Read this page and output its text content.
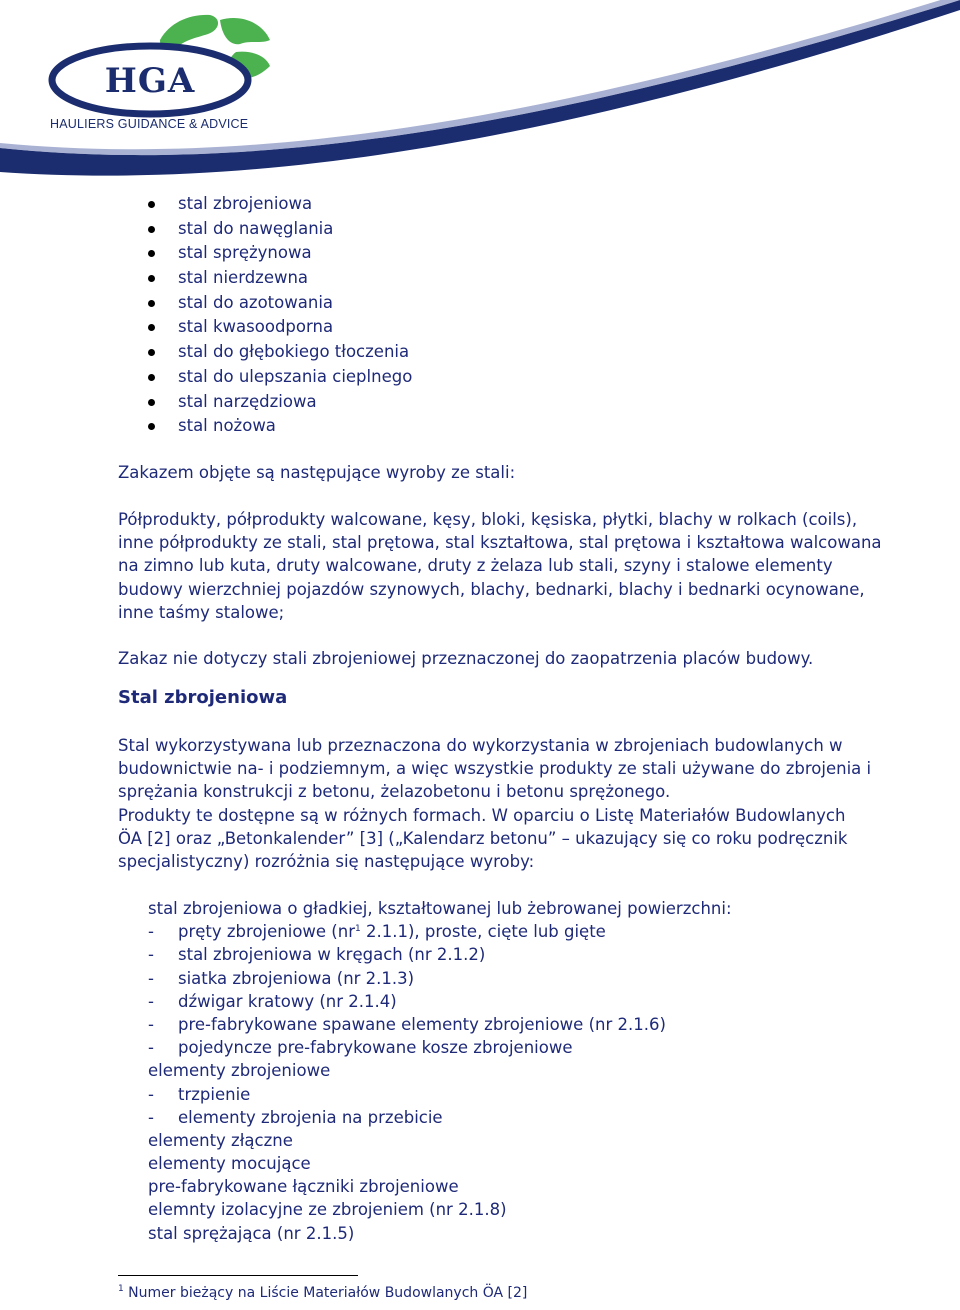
HGA
HAULIERS GUIDANCE & ADVICE
stal zbrojeniowa
stal do nawęglania
stal sprężynowa
stal nierdzewna
stal do azotowania
stal kwasoodporna
stal do głębokiego tłoczenia
stal do ulepszania cieplnego
stal narzędziowa
stal nożowa

Zakazem objęte są następujące wyroby ze stali:

Półprodukty, półprodukty walcowane, kęsy, bloki, kęsiska, płytki, blachy w rolkach (coils),
inne półprodukty ze stali, stal prętowa, stal kształtowa, stal prętowa i kształtowa walcowana
na zimno lub kuta, druty walcowane, druty z żelaza lub stali, szyny i stalowe elementy
budowy wierzchniej pojazdów szynowych, blachy, bednarki, blachy i bednarki ocynowane,
inne taśmy stalowe;

Zakaz nie dotyczy stali zbrojeniowej przeznaczonej do zaopatrzenia placów budowy.

Stal zbrojeniowa

Stal wykorzystywana lub przeznaczona do wykorzystania w zbrojeniach budowlanych w
budownictwie na- i podziemnym, a więc wszystkie produkty ze stali używane do zbrojenia i
sprężania konstrukcji z betonu, żelazobetonu i betonu sprężonego.
Produkty te dostępne są w różnych formach. W oparciu o Listę Materiałów Budowlanych
ÖA [2] oraz „Betonkalender” [3] („Kalendarz betonu” – ukazujący się co roku podręcznik
specjalistyczny) rozróżnia się następujące wyroby:

stal zbrojeniowa o gładkiej, kształtowanej lub żebrowanej powierzchni:
- pręty zbrojeniowe ($nr^1$ 2.1.1), proste, cięte lub gięte
- stal zbrojeniowa w kręgach (nr 2.1.2)
- siatka zbrojeniowa (nr 2.1.3)
- dźwigar kratowy (nr 2.1.4)
- pre-fabrykowane spawane elementy zbrojeniowe (nr 2.1.6)
- pojedyncze pre-fabrykowane kosze zbrojeniowe
elementy zbrojeniowe
- trzpienie
- elementy zbrojenia na przebicie
elementy złączne
elementy mocujące
pre-fabrykowane łączniki zbrojeniowe
elemnty izolacyjne ze zbrojeniem (nr 2.1.8)
stal sprężająca (nr 2.1.5)
$^1$ Numer bieżący na Liście Materiałów Budowlanych ÖA [2]
